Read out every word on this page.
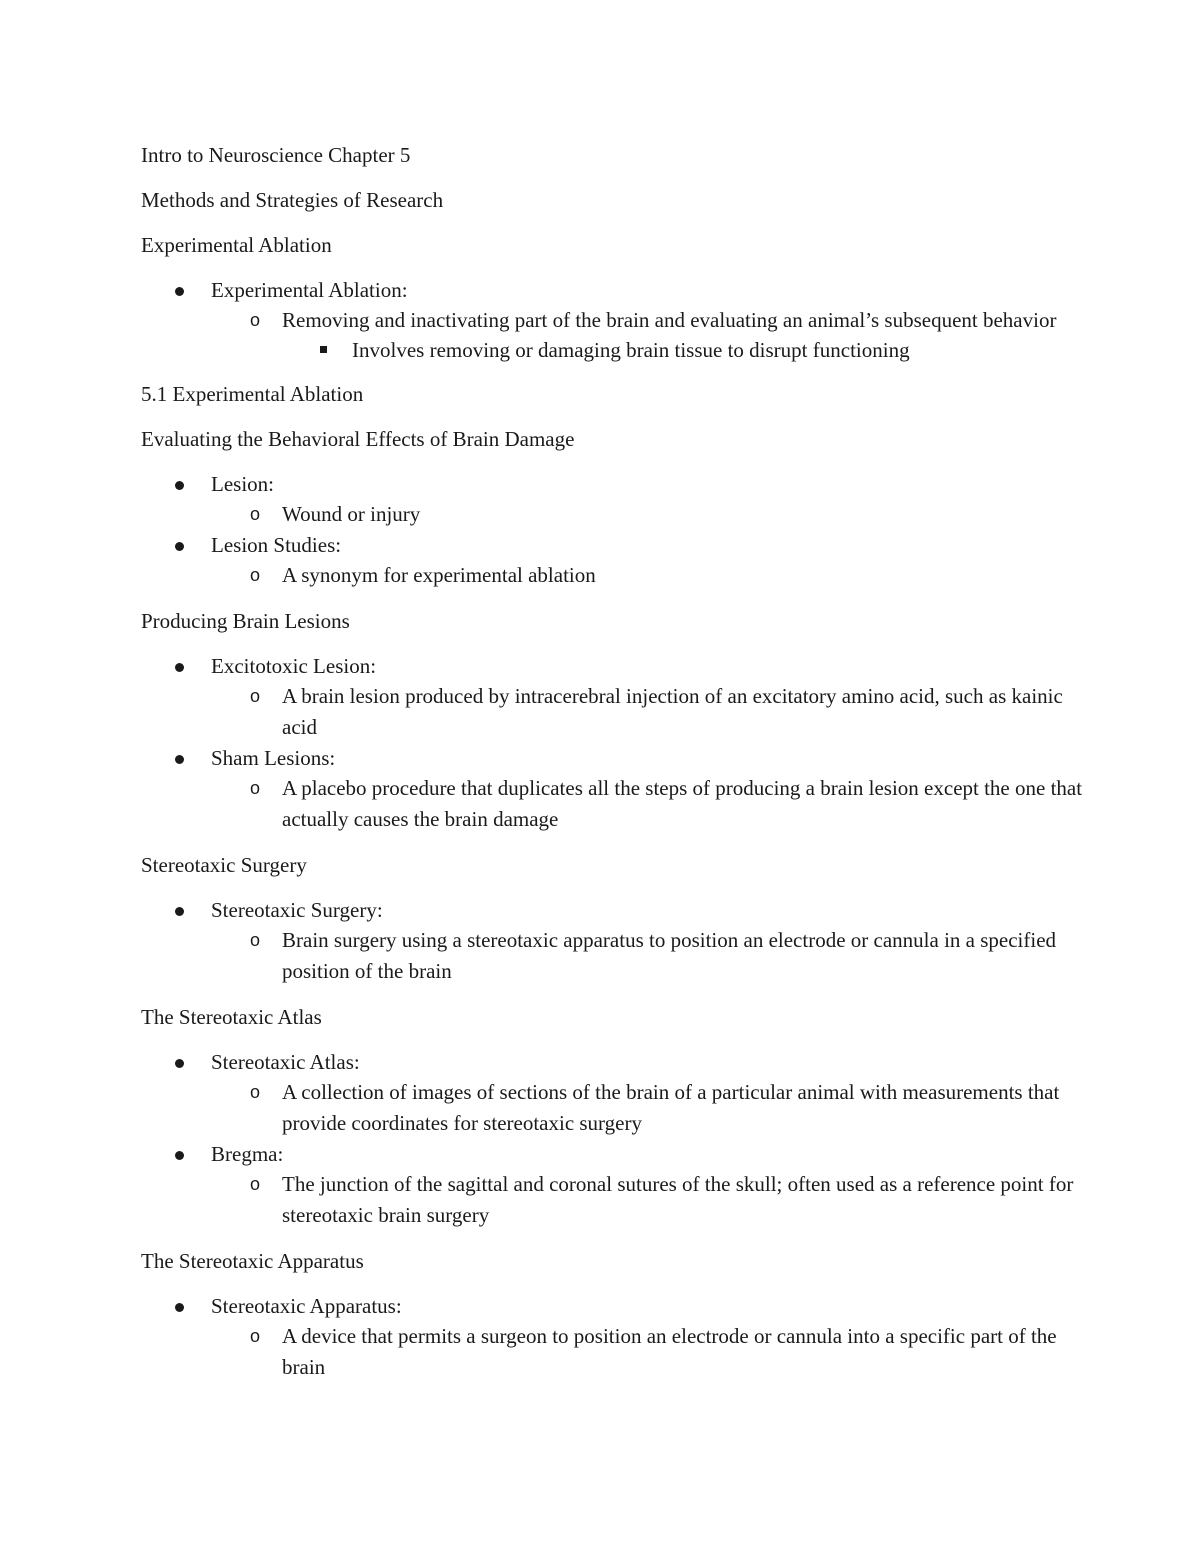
Intro to Neuroscience Chapter 5

Methods and Strategies of Research

Experimental Ablation

Experimental Ablation:
o Removing and inactivating part of the brain and evaluating an animal’s subsequent behavior
Involves removing or damaging brain tissue to disrupt functioning

5.1 Experimental Ablation

Evaluating the Behavioral Effects of Brain Damage

Lesion:
o Wound or injury
Lesion Studies:
o A synonym for experimental ablation

Producing Brain Lesions

Excitotoxic Lesion:
o A brain lesion produced by intracerebral injection of an excitatory amino acid, such as kainic acid
Sham Lesions:
o A placebo procedure that duplicates all the steps of producing a brain lesion except the one that actually causes the brain damage

Stereotaxic Surgery

Stereotaxic Surgery:
o Brain surgery using a stereotaxic apparatus to position an electrode or cannula in a specified position of the brain

The Stereotaxic Atlas

Stereotaxic Atlas:
o A collection of images of sections of the brain of a particular animal with measurements that provide coordinates for stereotaxic surgery
Bregma:
o The junction of the sagittal and coronal sutures of the skull; often used as a reference point for stereotaxic brain surgery

The Stereotaxic Apparatus

Stereotaxic Apparatus:
o A device that permits a surgeon to position an electrode or cannula into a specific part of the brain
